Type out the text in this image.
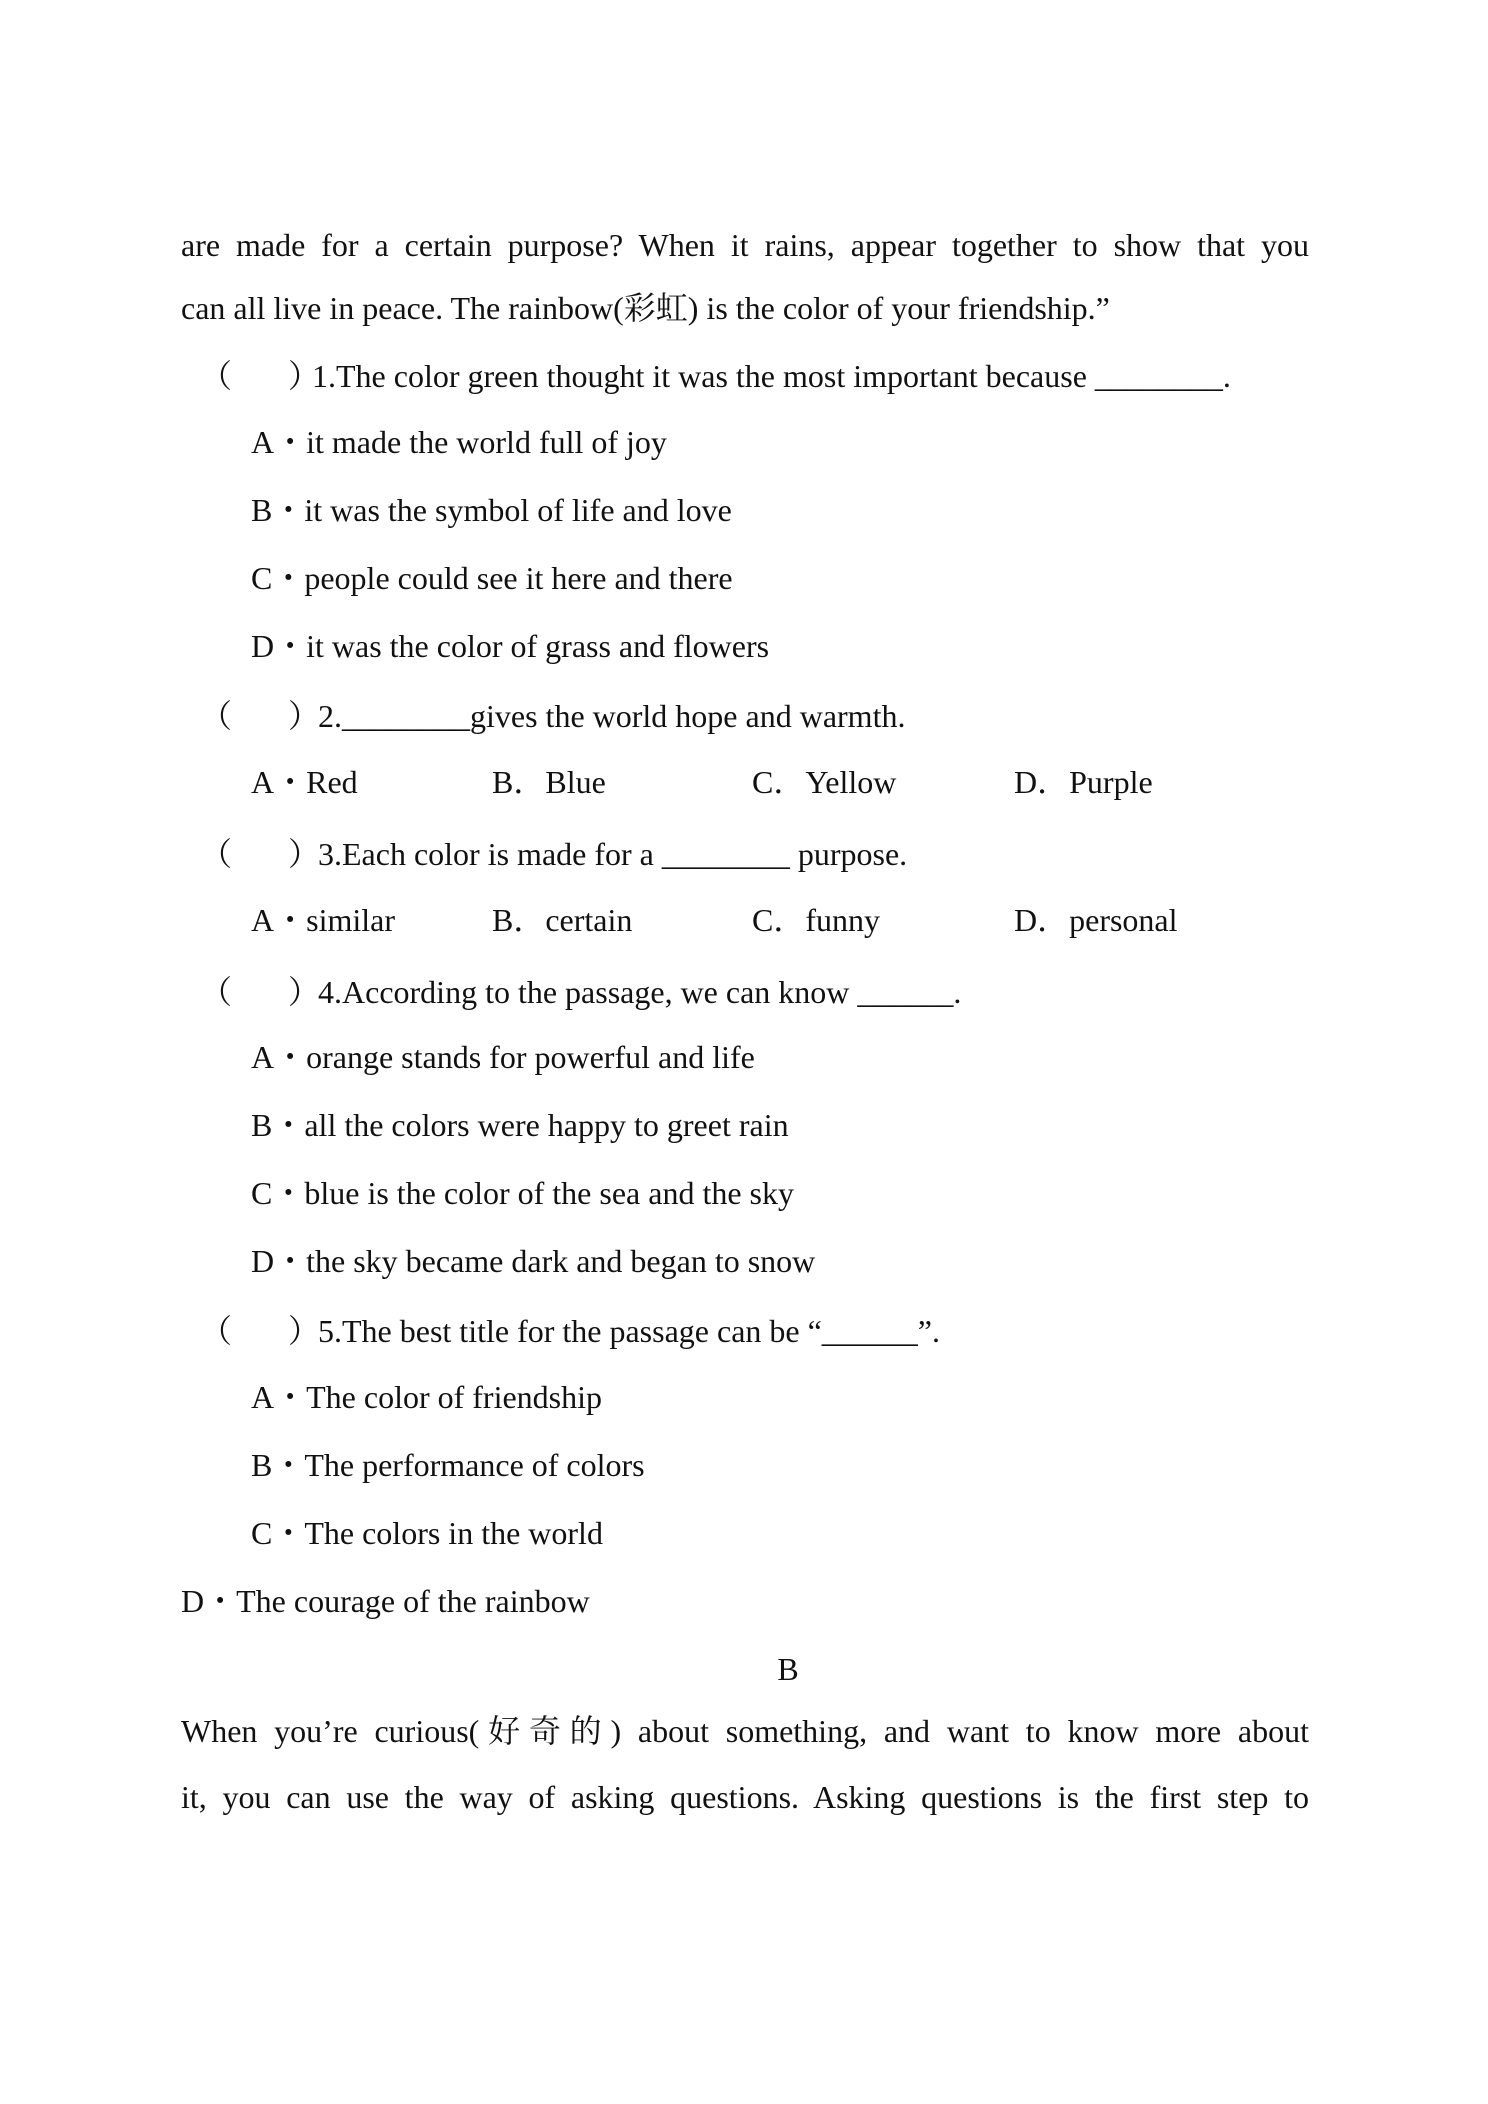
are made for a certain purpose? When it rains, appear together to show that you
can all live in peace. The rainbow(彩虹) is the color of your friendship.”
（ ）
1.The color green thought it was the most important because ________.
A・it made the world full of joy
B・it was the symbol of life and love
C・people could see it here and there
D・it was the color of grass and flowers
（ ）
2.________gives the world hope and warmth.
A・Red	B．Blue	C．Yellow	D．Purple
（ ）
3.Each color is made for a ________ purpose.
A・similar	B．certain	C．funny	D．personal
（ ）
4.According to the passage, we can know ______.
A・orange stands for powerful and life
B・all the colors were happy to greet rain
C・blue is the color of the sea and the sky
D・the sky became dark and began to snow
（ ）
5.The best title for the passage can be “______”.
A・The color of friendship
B・The performance of colors
C・The colors in the world
D・The courage of the rainbow
B
When you’re curious(好奇的) about something, and want to know more about
it, you can use the way of asking questions. Asking questions is the first step to
